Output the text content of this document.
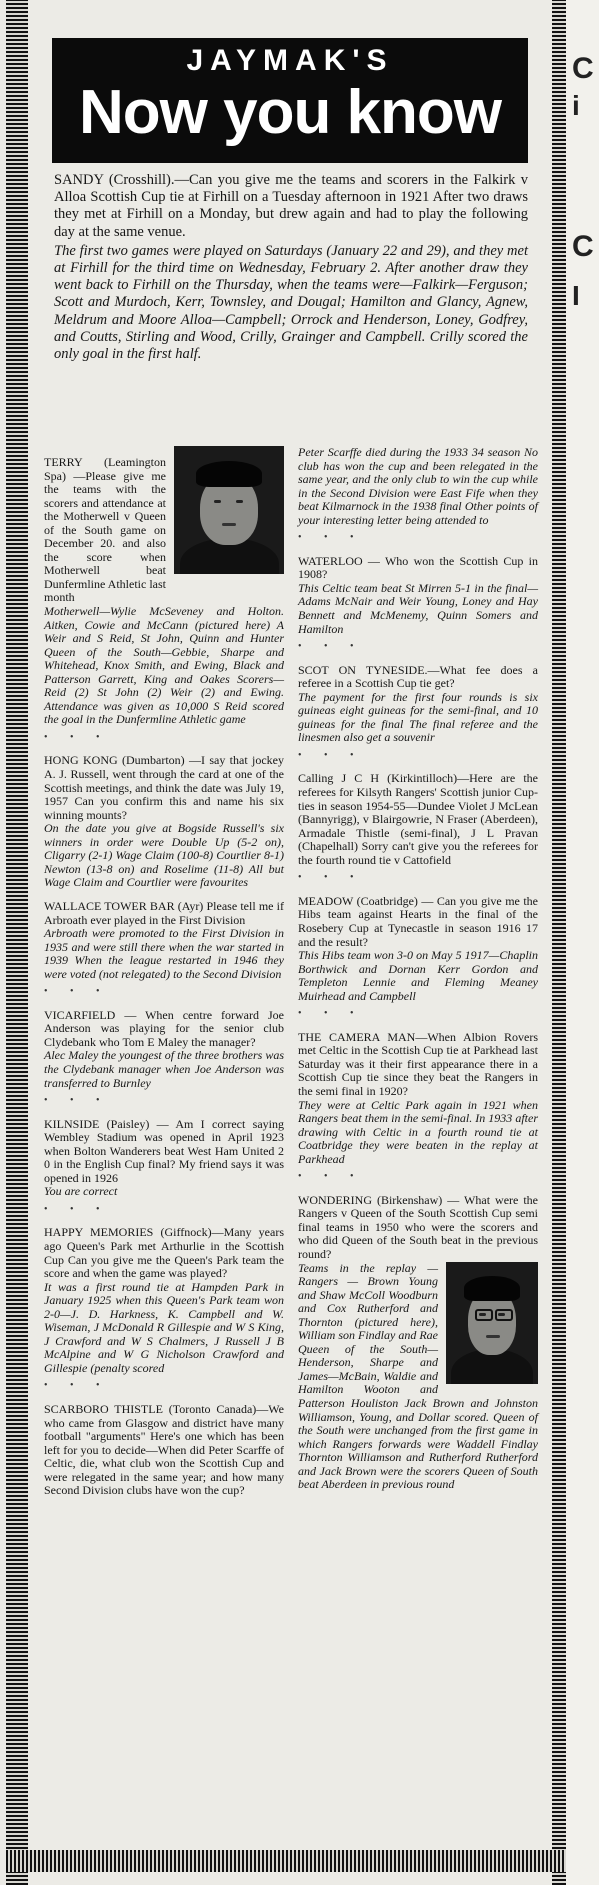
C
i
C
I
JAYMAK'S
Now you know

SANDY (Crosshill).—Can you give me the teams and scorers in the Falkirk v Alloa Scottish Cup tie at Firhill on a Tuesday afternoon in 1921 After two draws they met at Firhill on a Monday, but drew again and had to play the following day at the same venue.

The first two games were played on Saturdays (January 22 and 29), and they met at Firhill for the third time on Wednesday, February 2. After another draw they went back to Firhill on the Thursday, when the teams were—Falkirk—Ferguson; Scott and Murdoch, Kerr, Townsley, and Dougal; Hamilton and Glancy, Agnew, Meldrum and Moore Alloa—Campbell; Orrock and Henderson, Loney, Godfrey, and Coutts, Stirling and Wood, Crilly, Grainger and Campbell. Crilly scored the only goal in the first half.

TERRY (Leamington Spa) —Please give me the teams with the scorers and attendance at the Motherwell v Queen of the South game on December 20. and also the score when Motherwell beat Dunfermline Athletic last month

Motherwell—Wylie McSeveney and Holton. Aitken, Cowie and McCann (pictured here) A Weir and S Reid, St John, Quinn and Hunter Queen of the South—Gebbie, Sharpe and Whitehead, Knox Smith, and Ewing, Black and Patterson Garrett, King and Oakes Scorers—Reid (2) St John (2) Weir (2) and Ewing. Attendance was given as 10,000 S Reid scored the goal in the Dunfermline Athletic game

• • •

HONG KONG (Dumbarton) —I say that jockey A. J. Russell, went through the card at one of the Scottish meetings, and think the date was July 19, 1957 Can you confirm this and name his six winning mounts?

On the date you give at Bogside Russell's six winners in order were Double Up (5-2 on), Cligarry (2-1) Wage Claim (100-8) Courtlier 8-1) Newton (13-8 on) and Roselime (11-8) All but Wage Claim and Courtlier were favourites

WALLACE TOWER BAR (Ayr) Please tell me if Arbroath ever played in the First Division

Arbroath were promoted to the First Division in 1935 and were still there when the war started in 1939 When the league restarted in 1946 they were voted (not relegated) to the Second Division

• • •

VICARFIELD — When centre forward Joe Anderson was playing for the senior club Clydebank who Tom E Maley the manager?

Alec Maley the youngest of the three brothers was the Clydebank manager when Joe Anderson was transferred to Burnley

• • •

KILNSIDE (Paisley) — Am I correct saying Wembley Stadium was opened in April 1923 when Bolton Wanderers beat West Ham United 2 0 in the English Cup final? My friend says it was opened in 1926

You are correct

• • •

HAPPY MEMORIES (Giffnock)—Many years ago Queen's Park met Arthurlie in the Scottish Cup Can you give me the Queen's Park team the score and when the game was played?

It was a first round tie at Hampden Park in January 1925 when this Queen's Park team won 2-0—J. D. Harkness, K. Campbell and W. Wiseman, J McDonald R Gillespie and W S King, J Crawford and W S Chalmers, J Russell J B McAlpine and W G Nicholson Crawford and Gillespie (penalty scored

• • •

SCARBORO THISTLE (Toronto Canada)—We who came from Glasgow and district have many football "arguments" Here's one which has been left for you to decide—When did Peter Scarffe of Celtic, die, what club won the Scottish Cup and were relegated in the same year; and how many Second Division clubs have won the cup?

Peter Scarffe died during the 1933 34 season No club has won the cup and been relegated in the same year, and the only club to win the cup while in the Second Division were East Fife when they beat Kilmarnock in the 1938 final Other points of your interesting letter being attended to

• • •

WATERLOO — Who won the Scottish Cup in 1908?

This Celtic team beat St Mirren 5-1 in the final—Adams McNair and Weir Young, Loney and Hay Bennett and McMenemy, Quinn Somers and Hamilton

• • •

SCOT ON TYNESIDE.—What fee does a referee in a Scottish Cup tie get?

The payment for the first four rounds is six guineas eight guineas for the semi-final, and 10 guineas for the final The final referee and the linesmen also get a souvenir

• • •

Calling J C H (Kirkintilloch)—Here are the referees for Kilsyth Rangers' Scottish junior Cup-ties in season 1954-55—Dundee Violet J McLean (Bannyrigg), v Blairgowrie, N Fraser (Aberdeen), Armadale Thistle (semi-final), J L Pravan (Chapelhall) Sorry can't give you the referees for the fourth round tie v Cattofield

• • •

MEADOW (Coatbridge) — Can you give me the Hibs team against Hearts in the final of the Rosebery Cup at Tynecastle in season 1916 17 and the result?

This Hibs team won 3-0 on May 5 1917—Chaplin Borthwick and Dornan Kerr Gordon and Templeton Lennie and Fleming Meaney Muirhead and Campbell

• • •

THE CAMERA MAN—When Albion Rovers met Celtic in the Scottish Cup tie at Parkhead last Saturday was it their first appearance there in a Scottish Cup tie since they beat the Rangers in the semi final in 1920?

They were at Celtic Park again in 1921 when Rangers beat them in the semi-final. In 1933 after drawing with Celtic in a fourth round tie at Coatbridge they were beaten in the replay at Parkhead

• • •

WONDERING (Birkenshaw) — What were the Rangers v Queen of the South Scottish Cup semi final teams in 1950 who were the scorers and who did Queen of the South beat in the previous round?

Teams in the replay — Rangers — Brown Young and Shaw McColl Woodburn and Cox Rutherford and Thornton (pictured here), William son Findlay and Rae Queen of the South—Henderson, Sharpe and James—McBain, Waldie and Hamilton Wooton and Patterson Houliston Jack Brown and Johnston Williamson, Young, and Dollar scored. Queen of the South were unchanged from the first game in which Rangers forwards were Waddell Findlay Thornton Williamson and Rutherford Rutherford and Jack Brown were the scorers Queen of South beat Aberdeen in previous round
